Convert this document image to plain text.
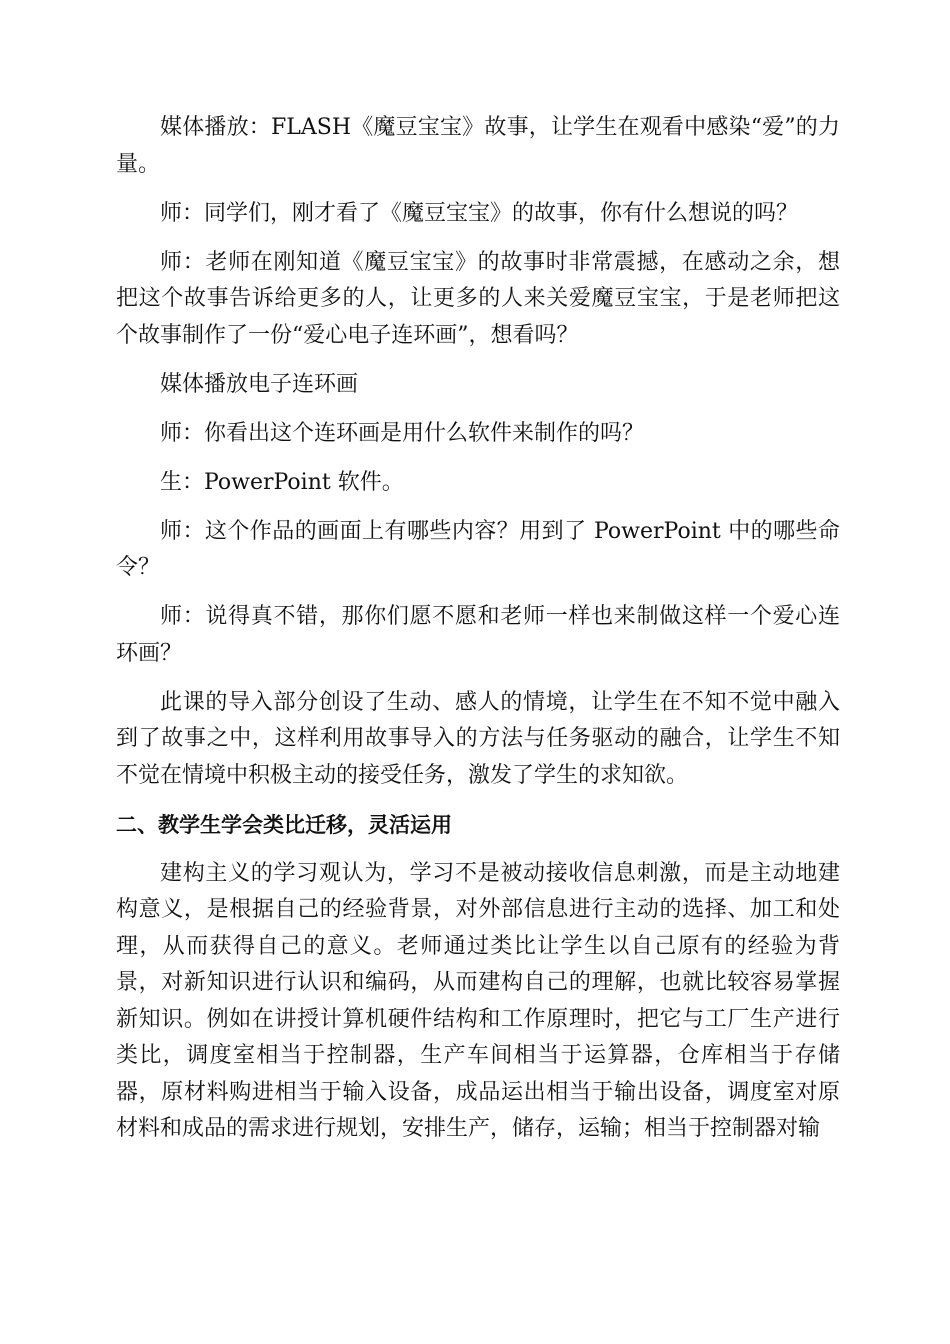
媒体播放：FLASH《魔豆宝宝》故事，让学生在观看中感染“爱”的力量。

师：同学们，刚才看了《魔豆宝宝》的故事，你有什么想说的吗？

师：老师在刚知道《魔豆宝宝》的故事时非常震撼，在感动之余，想把这个故事告诉给更多的人，让更多的人来关爱魔豆宝宝，于是老师把这个故事制作了一份“爱心电子连环画”，想看吗？

媒体播放电子连环画

师：你看出这个连环画是用什么软件来制作的吗？

生：PowerPoint 软件。

师：这个作品的画面上有哪些内容？用到了 PowerPoint 中的哪些命令？

师：说得真不错，那你们愿不愿和老师一样也来制做这样一个爱心连环画？

此课的导入部分创设了生动、感人的情境，让学生在不知不觉中融入到了故事之中，这样利用故事导入的方法与任务驱动的融合，让学生不知不觉在情境中积极主动的接受任务，激发了学生的求知欲。

二、教学生学会类比迁移，灵活运用

建构主义的学习观认为，学习不是被动接收信息刺激，而是主动地建构意义，是根据自己的经验背景，对外部信息进行主动的选择、加工和处理，从而获得自己的意义。老师通过类比让学生以自己原有的经验为背景，对新知识进行认识和编码，从而建构自己的理解，也就比较容易掌握新知识。例如在讲授计算机硬件结构和工作原理时，把它与工厂生产进行类比，调度室相当于控制器，生产车间相当于运算器，仓库相当于存储器，原材料购进相当于输入设备，成品运出相当于输出设备，调度室对原材料和成品的需求进行规划，安排生产，储存，运输；相当于控制器对输
